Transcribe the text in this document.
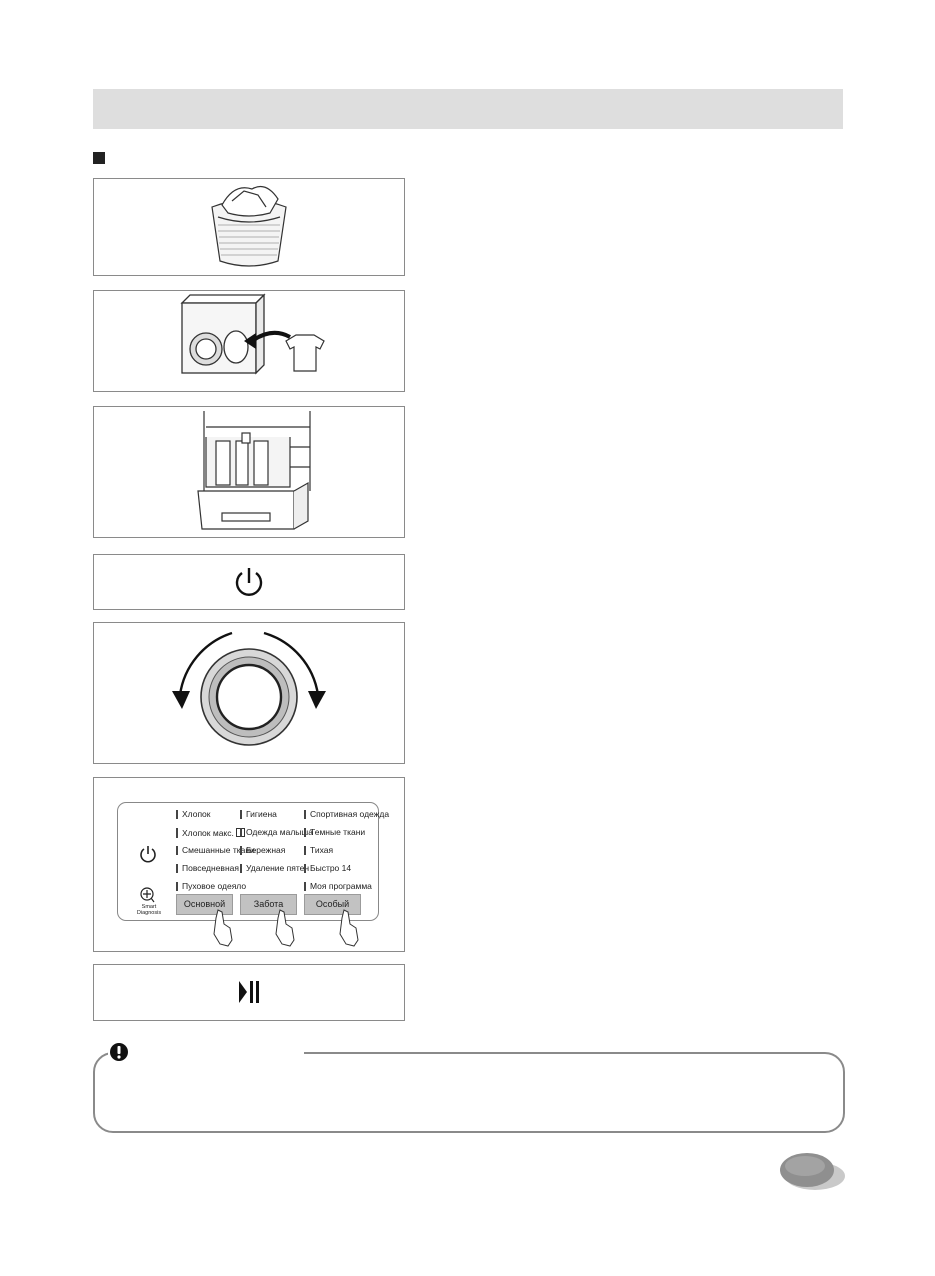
Smart
Diagnosis
Хлопок
Хлопок макс.
Смешанные ткани
Повседневная
Пуховое одеяло
Гигиена
Одежда малыша
Бережная
Удаление пятен
Спортивная одежда
Темные ткани
Тихая
Быстро 14
Моя программа
Основной	Забота	Особый
